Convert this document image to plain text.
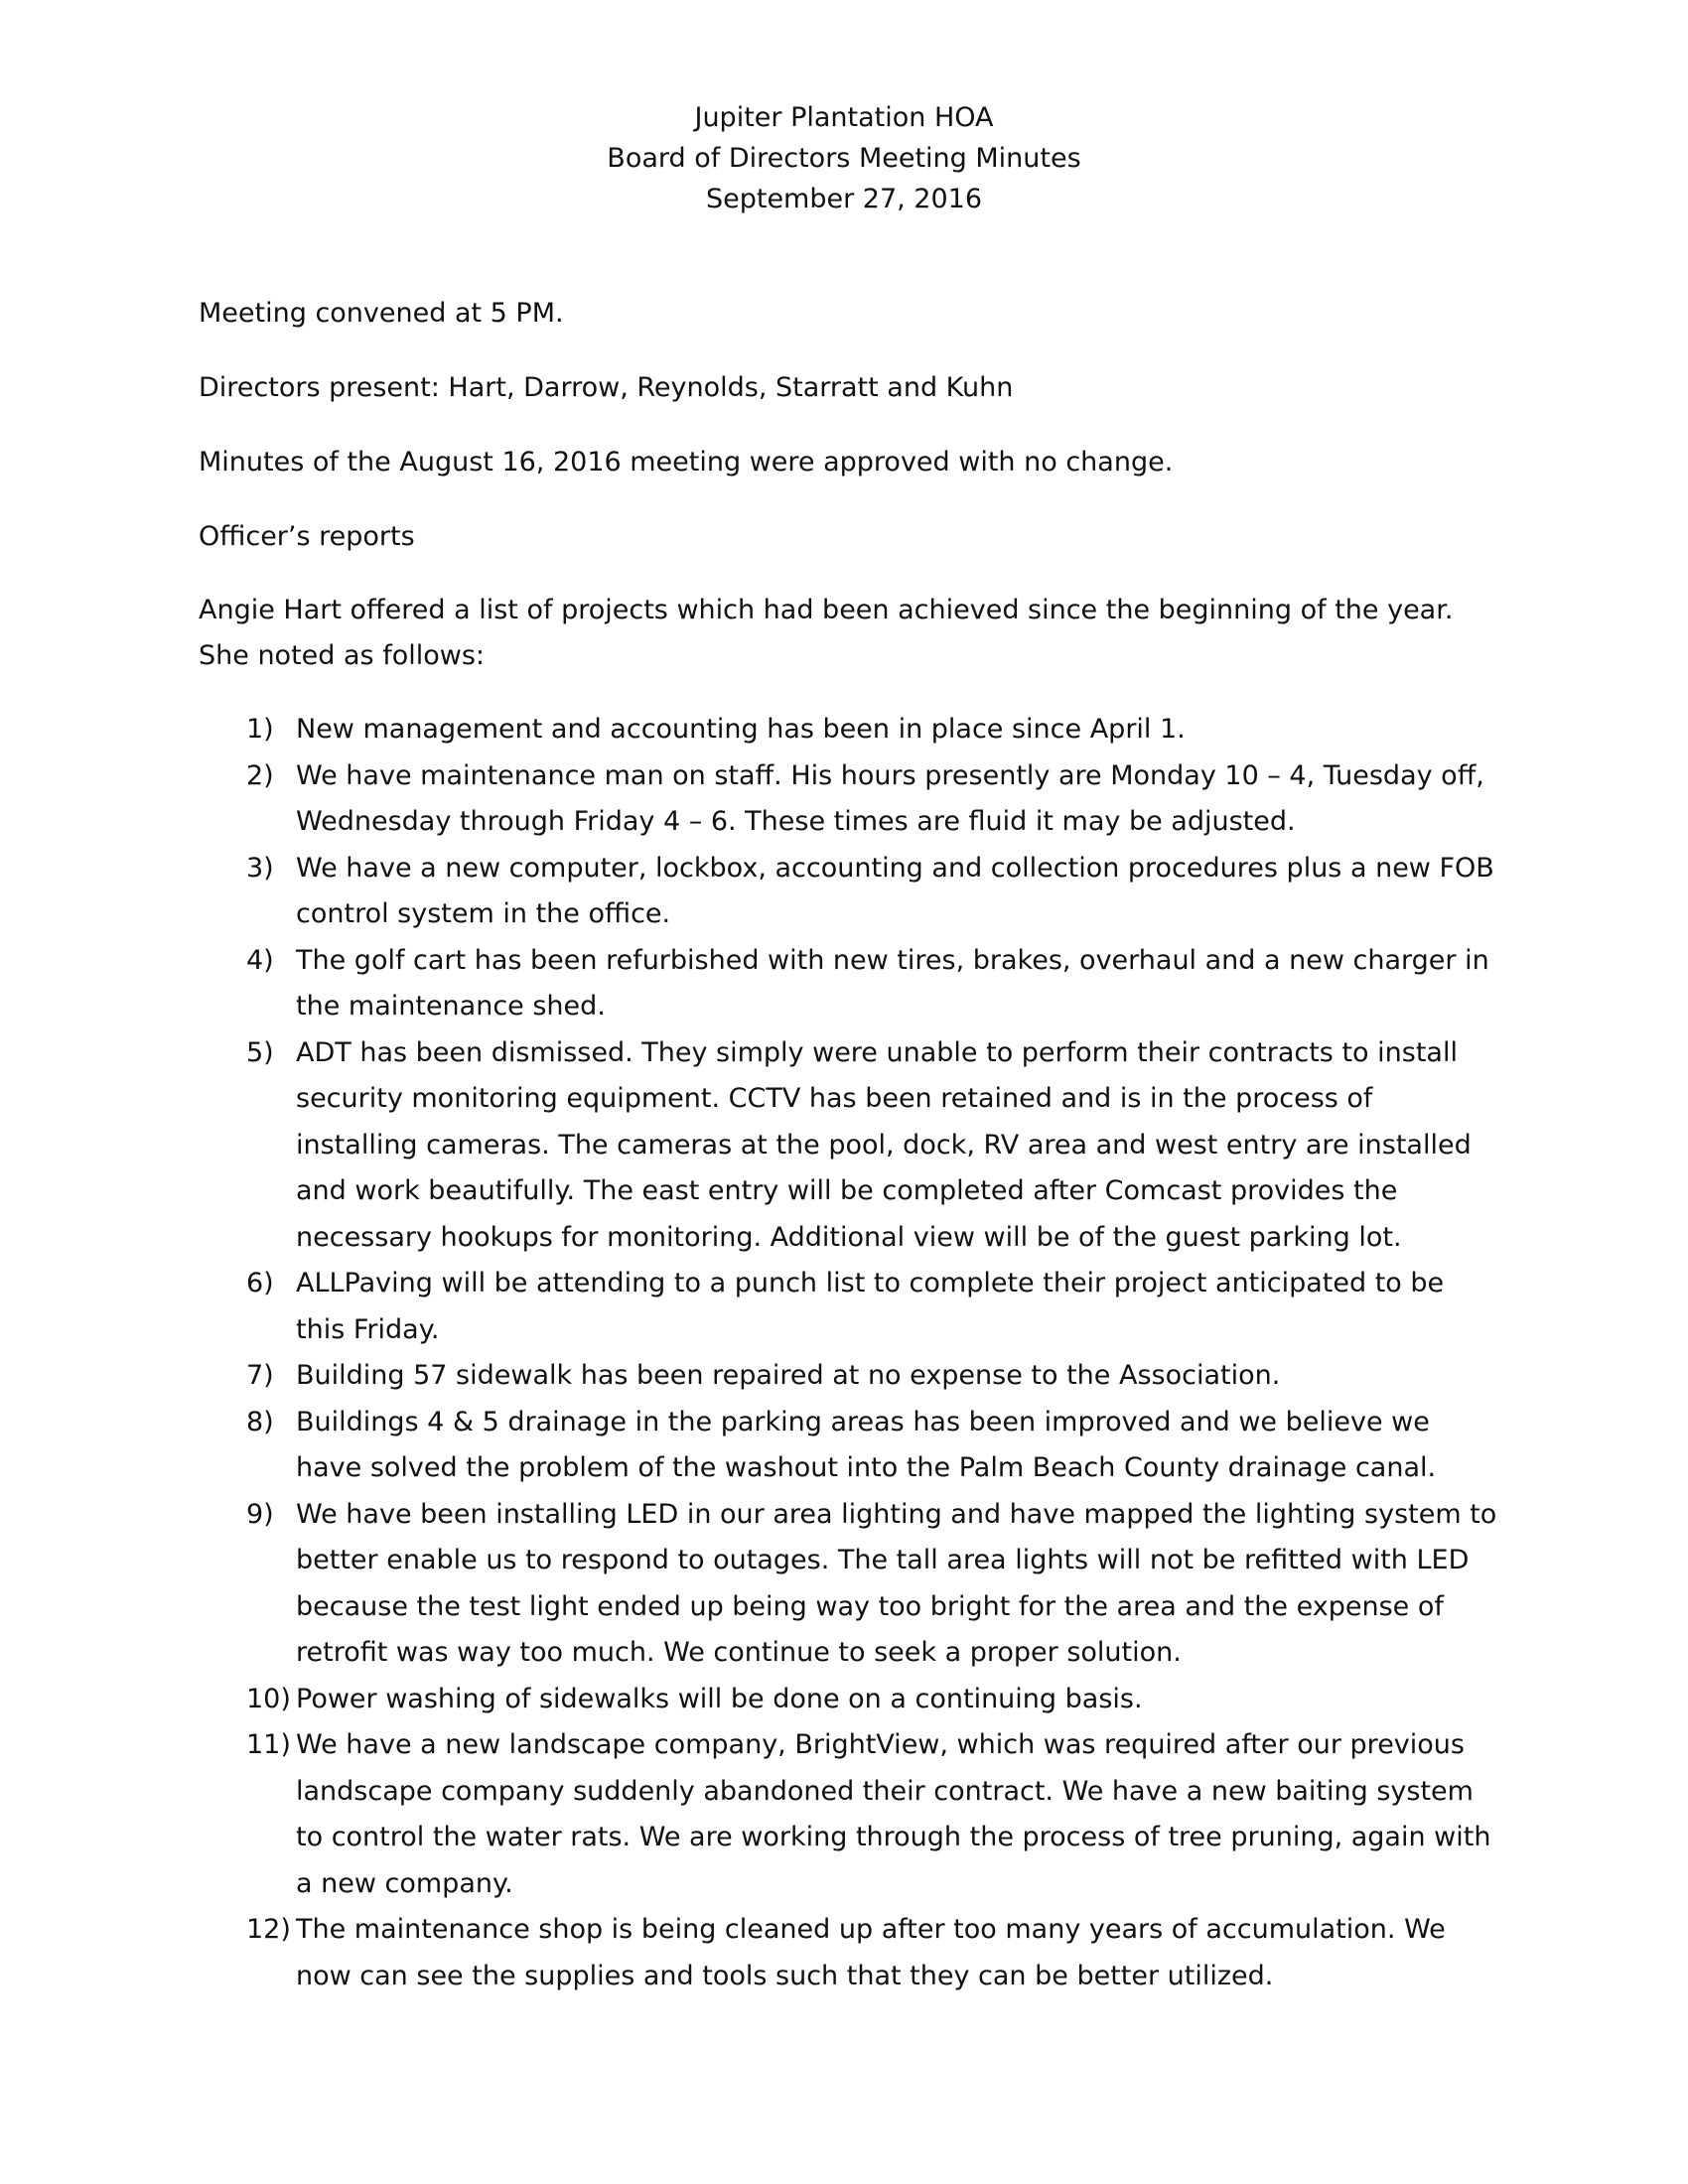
Jupiter Plantation HOA
Board of Directors Meeting Minutes
September 27, 2016

Meeting convened at 5 PM.

Directors present: Hart, Darrow, Reynolds, Starratt and Kuhn

Minutes of the August 16, 2016 meeting were approved with no change.

Officer’s reports

Angie Hart offered a list of projects which had been achieved since the beginning of the year. She noted as follows:

1) New management and accounting has been in place since April 1.
2) We have maintenance man on staff. His hours presently are Monday 10 – 4, Tuesday off, Wednesday through Friday 4 – 6. These times are fluid it may be adjusted.
3) We have a new computer, lockbox, accounting and collection procedures plus a new FOB control system in the office.
4) The golf cart has been refurbished with new tires, brakes, overhaul and a new charger in the maintenance shed.
5) ADT has been dismissed. They simply were unable to perform their contracts to install security monitoring equipment. CCTV has been retained and is in the process of installing cameras. The cameras at the pool, dock, RV area and west entry are installed and work beautifully. The east entry will be completed after Comcast provides the necessary hookups for monitoring. Additional view will be of the guest parking lot.
6) ALLPaving will be attending to a punch list to complete their project anticipated to be this Friday.
7) Building 57 sidewalk has been repaired at no expense to the Association.
8) Buildings 4 & 5 drainage in the parking areas has been improved and we believe we have solved the problem of the washout into the Palm Beach County drainage canal.
9) We have been installing LED in our area lighting and have mapped the lighting system to better enable us to respond to outages. The tall area lights will not be refitted with LED because the test light ended up being way too bright for the area and the expense of retrofit was way too much. We continue to seek a proper solution.
10) Power washing of sidewalks will be done on a continuing basis.
11) We have a new landscape company, BrightView, which was required after our previous landscape company suddenly abandoned their contract. We have a new baiting system to control the water rats. We are working through the process of tree pruning, again with a new company.
12) The maintenance shop is being cleaned up after too many years of accumulation. We now can see the supplies and tools such that they can be better utilized.
